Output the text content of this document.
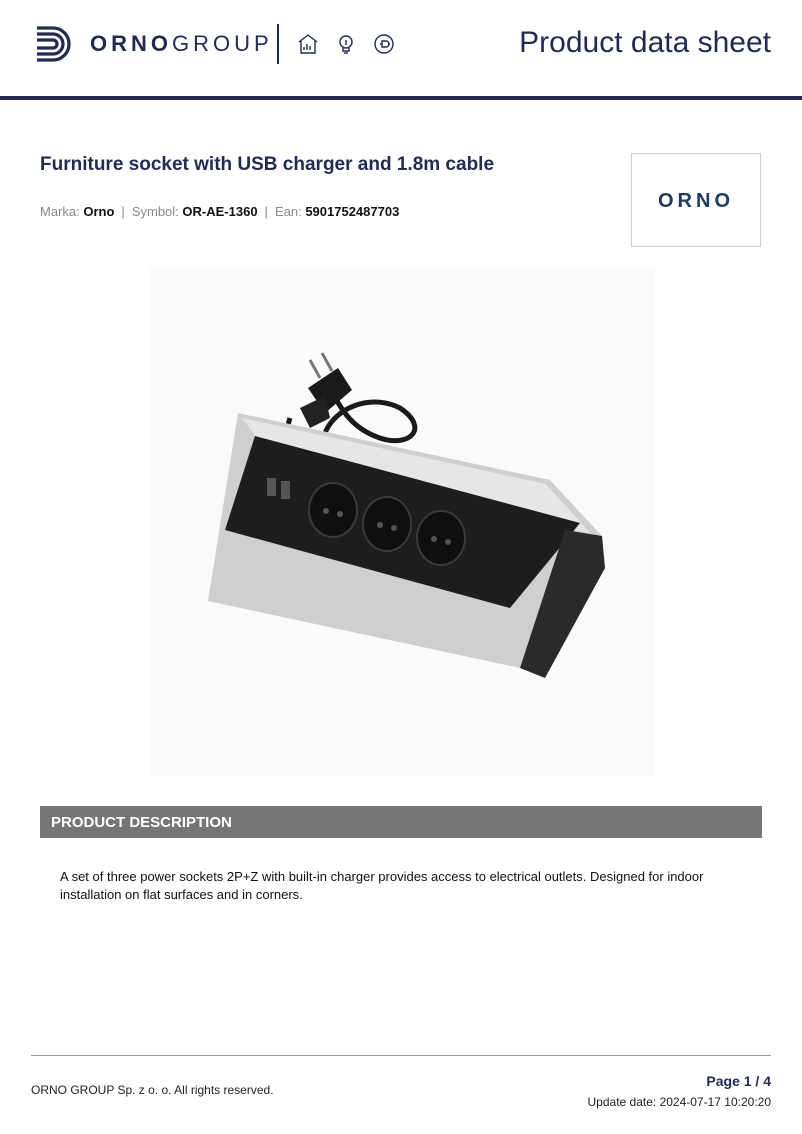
ORNOGROUP	Product data sheet
Furniture socket with USB charger and 1.8m cable
Marka: Orno | Symbol: OR-AE-1360 | Ean: 5901752487703	ORNO
PRODUCT DESCRIPTION
A set of three power sockets 2P+Z with built-in charger provides access to electrical outlets. Designed for indoor installation on flat surfaces and in corners.
ORNO GROUP Sp. z o. o. All rights reserved.
Page 1 / 4
Update date: 2024-07-17 10:20:20
